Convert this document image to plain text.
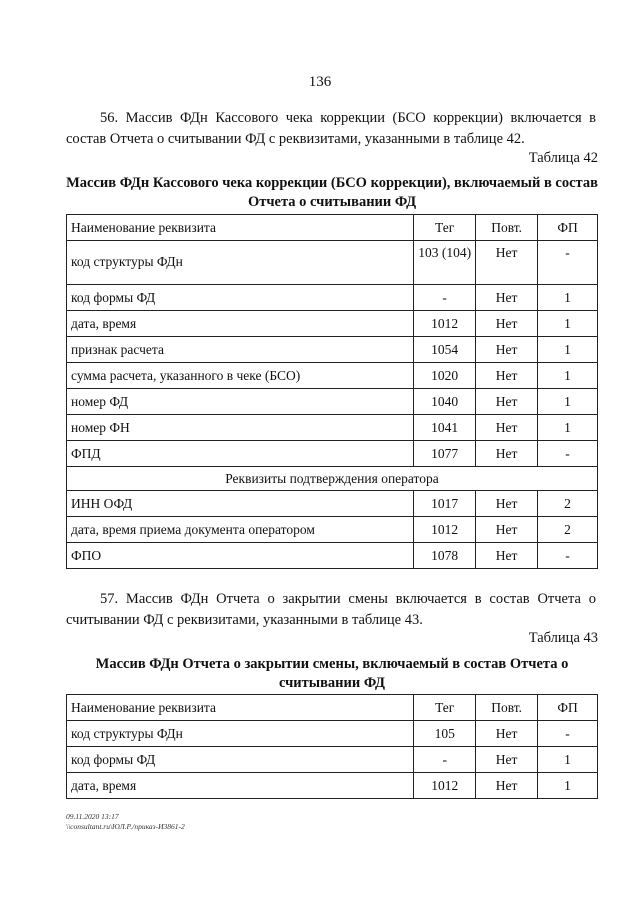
136
56. Массив ФДн Кассового чека коррекции (БСО коррекции) включается в состав Отчета о считывании ФД с реквизитами, указанными в таблице 42.
Таблица 42
Массив ФДн Кассового чека коррекции (БСО коррекции), включаемый в состав Отчета о считывании ФД
Наименование реквизита	Тег	Повт.	ФП
код структуры ФДн	103 (104)	Нет	-
код формы ФД	-	Нет	1
дата, время	1012	Нет	1
признак расчета	1054	Нет	1
сумма расчета, указанного в чеке (БСО)	1020	Нет	1
номер ФД	1040	Нет	1
номер ФН	1041	Нет	1
ФПД	1077	Нет	-
Реквизиты подтверждения оператора			
ИНН ОФД	1017	Нет	2
дата, время приема документа оператором	1012	Нет	2
ФПО	1078	Нет	-
57. Массив ФДн Отчета о закрытии смены включается в состав Отчета о считывании ФД с реквизитами, указанными в таблице 43.
Таблица 43
Массив ФДн Отчета о закрытии смены, включаемый в состав Отчета о считывании ФД
Наименование реквизита	Тег	Повт.	ФП
код структуры ФДн	105	Нет	-
код формы ФД	-	Нет	1
дата, время	1012	Нет	1
09.11.2020 13:17
\\consultant.ru\ЮЛ.Р./приказ-И3861-2
